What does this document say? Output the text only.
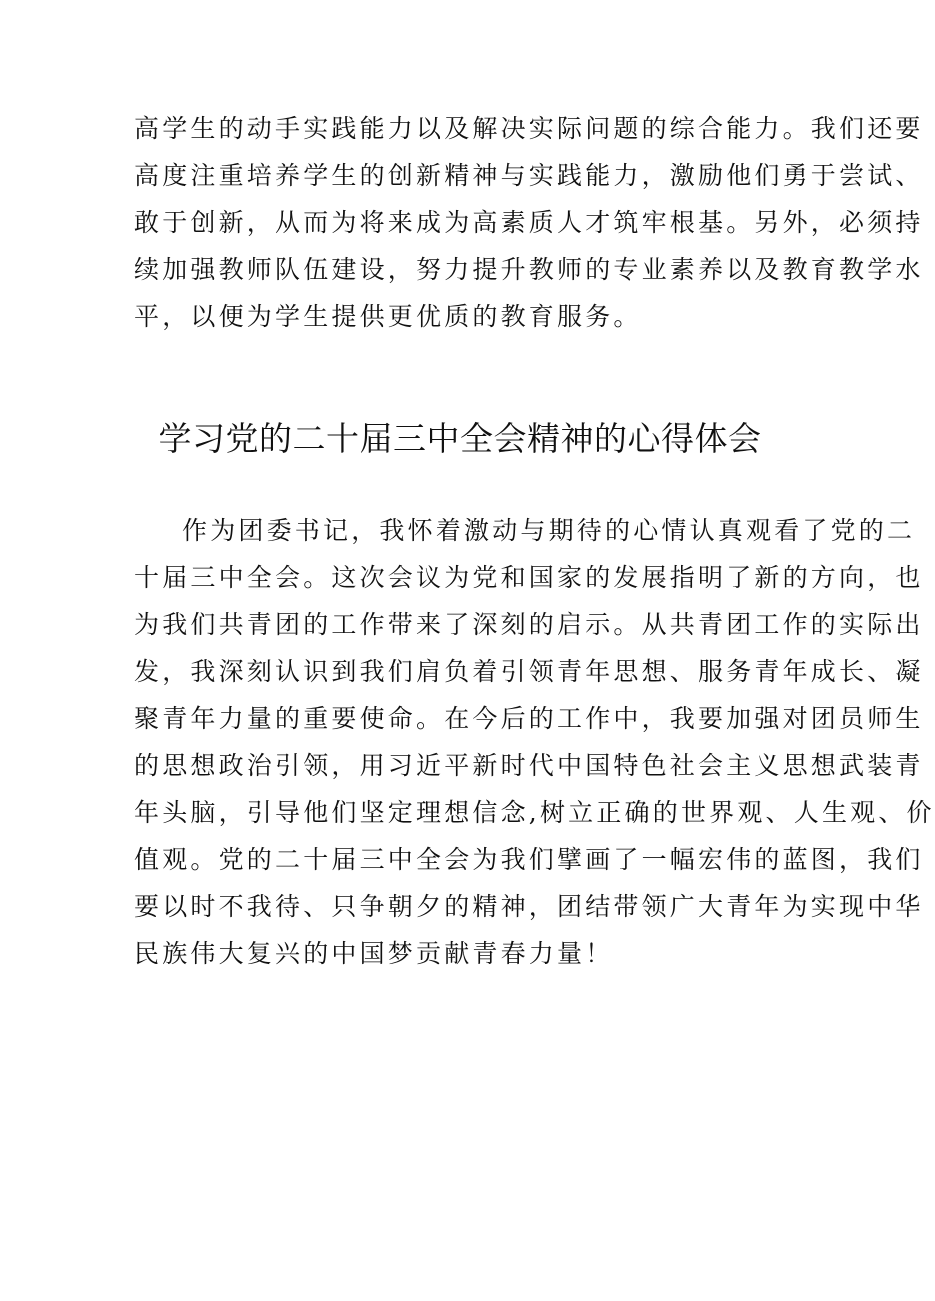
高学生的动手实践能力以及解决实际问题的综合能力。我们还要
高度注重培养学生的创新精神与实践能力，激励他们勇于尝试、
敢于创新，从而为将来成为高素质人才筑牢根基。另外，必须持
续加强教师队伍建设，努力提升教师的专业素养以及教育教学水
平，以便为学生提供更优质的教育服务。
学习党的二十届三中全会精神的心得体会
作为团委书记，我怀着激动与期待的心情认真观看了党的二
十届三中全会。这次会议为党和国家的发展指明了新的方向，也
为我们共青团的工作带来了深刻的启示。从共青团工作的实际出
发，我深刻认识到我们肩负着引领青年思想、服务青年成长、凝
聚青年力量的重要使命。在今后的工作中，我要加强对团员师生
的思想政治引领，用习近平新时代中国特色社会主义思想武装青
年头脑，引导他们坚定理想信念,树立正确的世界观、人生观、价
值观。党的二十届三中全会为我们擘画了一幅宏伟的蓝图，我们
要以时不我待、只争朝夕的精神，团结带领广大青年为实现中华
民族伟大复兴的中国梦贡献青春力量！
